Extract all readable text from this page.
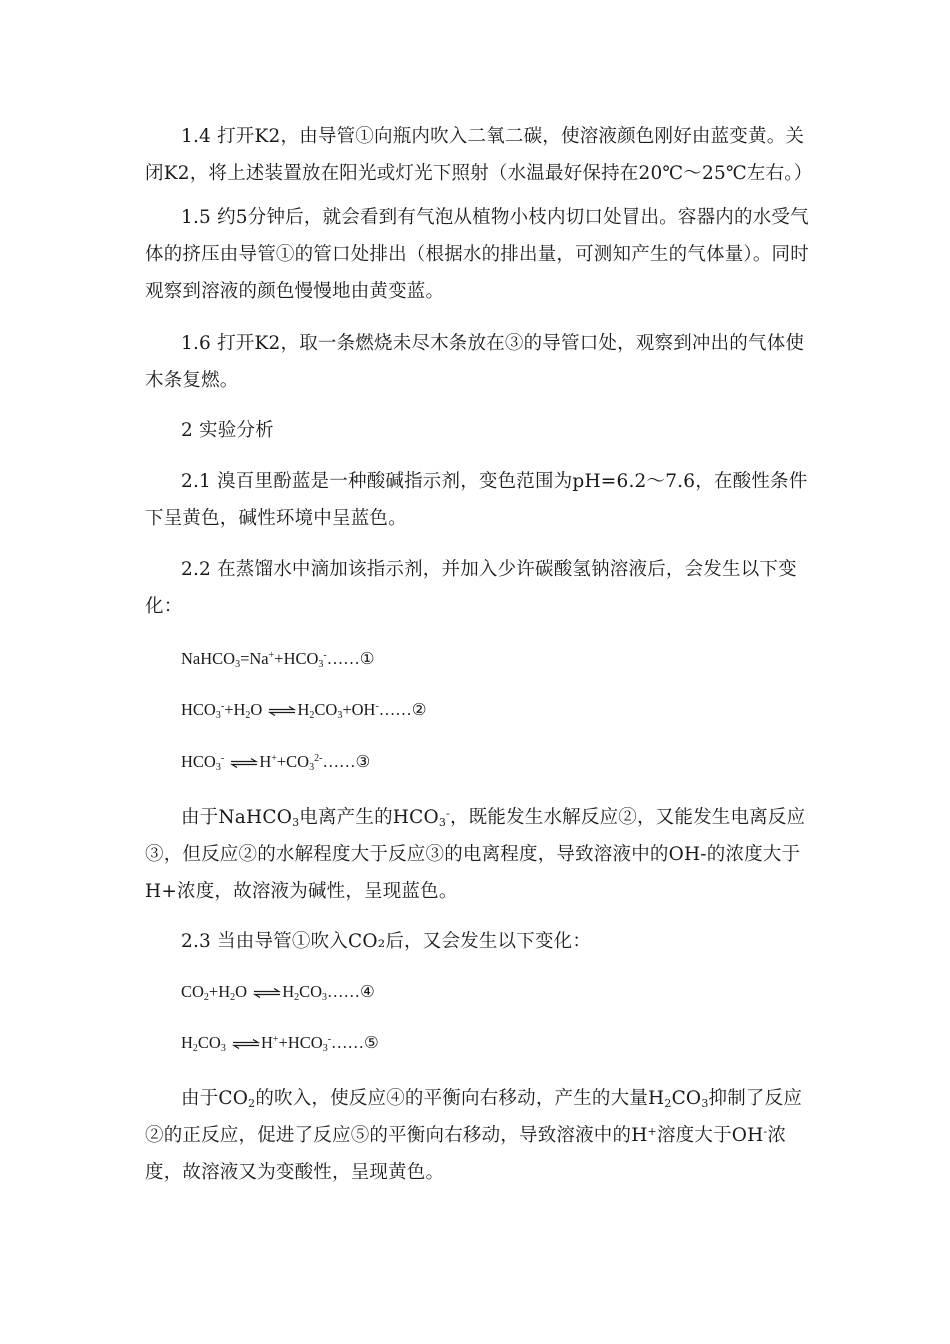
1.4 打开K2，由导管①向瓶内吹入二氧二碳，使溶液颜色刚好由蓝变黄。关闭K2，将上述装置放在阳光或灯光下照射（水温最好保持在20℃～25℃左右。）

1.5 约5分钟后，就会看到有气泡从植物小枝内切口处冒出。容器内的水受气体的挤压由导管①的管口处排出（根据水的排出量，可测知产生的气体量）。同时观察到溶液的颜色慢慢地由黄变蓝。

1.6 打开K2，取一条燃烧未尽木条放在③的导管口处，观察到冲出的气体使木条复燃。

2 实验分析

2.1 溴百里酚蓝是一种酸碱指示剂，变色范围为pH=6.2～7.6，在酸性条件下呈黄色，碱性环境中呈蓝色。

2.2 在蒸馏水中滴加该指示剂，并加入少许碳酸氢钠溶液后，会发生以下变化：

$NaHCO_3=Na^++HCO_3^-\dots\dots ①$
$HCO_3^-+H_2O$ $\rightleftharpoons H_2CO_3+OH^-\dots\dots ②$
$HCO_3^-$ $\rightleftharpoons H^++CO_3^{2-}\dots\dots ③$

由于NaHCO$_3$电离产生的$HCO_3^-$，既能发生水解反应②，又能发生电离反应③，但反应②的水解程度大于反应③的电离程度，导致溶液中的OH-的浓度大于H+浓度，故溶液为碱性，呈现蓝色。

2.3 当由导管①吹入CO₂后，又会发生以下变化：

$CO_2+H_2O$ $\rightleftharpoons H_2CO_3\dots\dots ④$
$H_2CO_3$ $\rightleftharpoons H^++HCO_3^-\dots\dots ⑤$

由于$CO_2$的吹入，使反应④的平衡向右移动，产生的大量$H_2CO_3$抑制了反应②的正反应，促进了反应⑤的平衡向右移动，导致溶液中的H+溶度大于OH-浓度，故溶液又为变酸性，呈现黄色。
